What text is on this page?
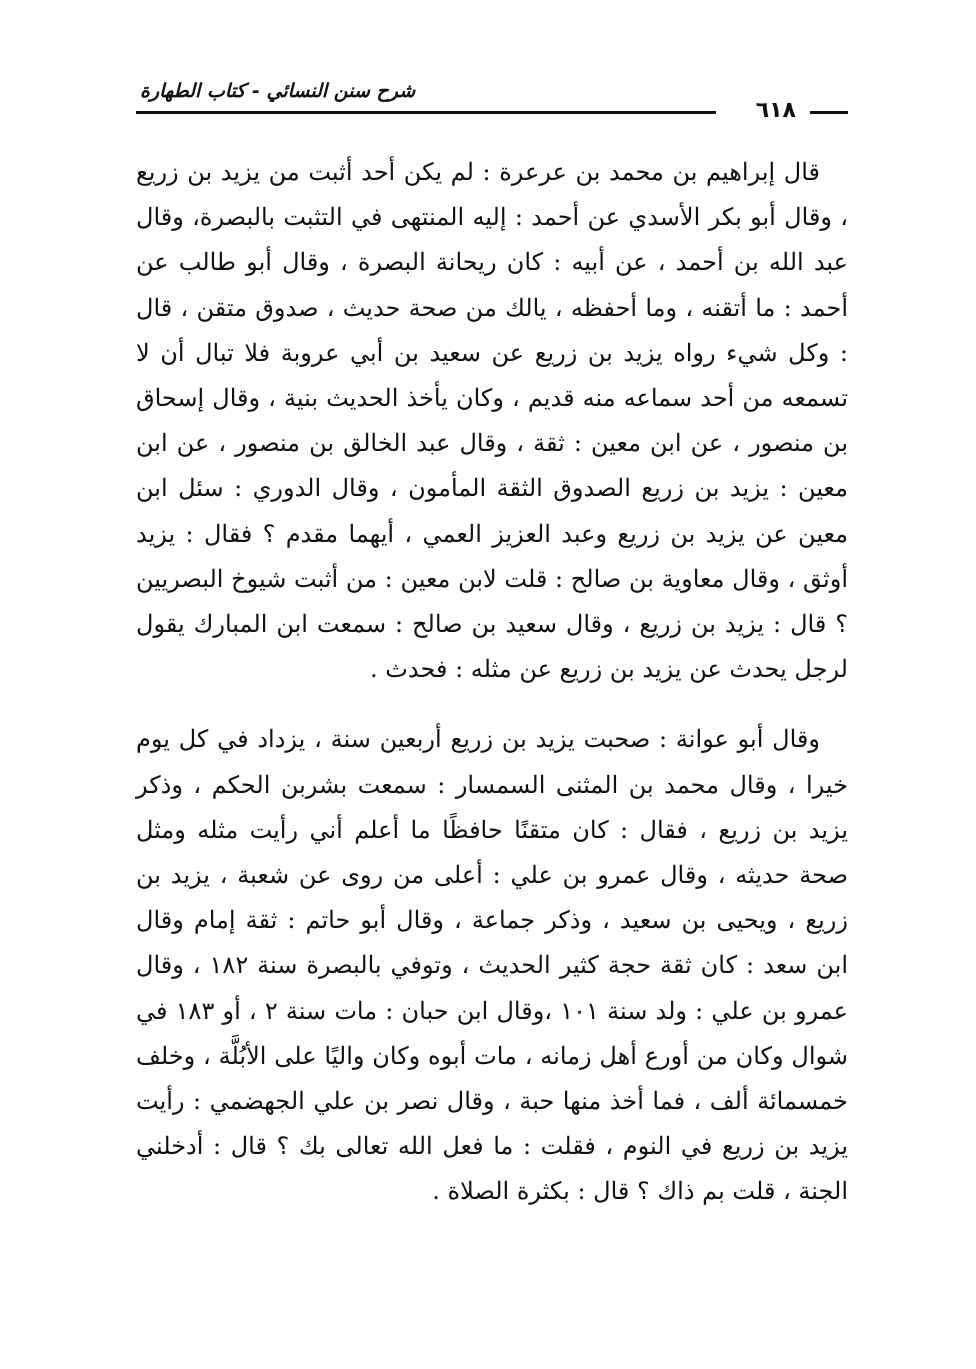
٦١٨
شرح سنن النسائي - كتاب الطهارة

قال إبراهيم بن محمد بن عرعرة : لم يكن أحد أثبت من يزيد بن زريع ، وقال أبو بكر الأسدي عن أحمد : إليه المنتهى في التثبت بالبصرة، وقال عبد الله بن أحمد ، عن أبيه : كان ريحانة البصرة ، وقال أبو طالب عن أحمد : ما أتقنه ، وما أحفظه ، يالك من صحة حديث ، صدوق متقن ، قال : وكل شيء رواه يزيد بن زريع عن سعيد بن أبي عروبة فلا تبال أن لا تسمعه من أحد سماعه منه قديم ، وكان يأخذ الحديث بنية ، وقال إسحاق بن منصور ، عن ابن معين : ثقة ، وقال عبد الخالق بن منصور ، عن ابن معين : يزيد بن زريع الصدوق الثقة المأمون ، وقال الدوري : سئل ابن معين عن يزيد بن زريع وعبد العزيز العمي ، أيهما مقدم ؟ فقال : يزيد أوثق ، وقال معاوية بن صالح : قلت لابن معين : من أثبت شيوخ البصريين ؟ قال : يزيد بن زريع ، وقال سعيد بن صالح : سمعت ابن المبارك يقول لرجل يحدث عن يزيد بن زريع عن مثله : فحدث .

وقال أبو عوانة : صحبت يزيد بن زريع أربعين سنة ، يزداد في كل يوم خيرا ، وقال محمد بن المثنى السمسار : سمعت بشربن الحكم ، وذكر يزيد بن زريع ، فقال : كان متقنًا حافظًا ما أعلم أني رأيت مثله ومثل صحة حديثه ، وقال عمرو بن علي : أعلى من روى عن شعبة ، يزيد بن زريع ، ويحيى بن سعيد ، وذكر جماعة ، وقال أبو حاتم : ثقة إمام وقال ابن سعد : كان ثقة حجة كثير الحديث ، وتوفي بالبصرة سنة ١٨٢ ، وقال عمرو بن علي : ولد سنة ١٠١ ،وقال ابن حبان : مات سنة ٢ ، أو ١٨٣ في شوال وكان من أورع أهل زمانه ، مات أبوه وكان واليًا على الأبُلَّة ، وخلف خمسمائة ألف ، فما أخذ منها حبة ، وقال نصر بن علي الجهضمي : رأيت يزيد بن زريع في النوم ، فقلت : ما فعل الله تعالى بك ؟ قال : أدخلني الجنة ، قلت بم ذاك ؟ قال : بكثرة الصلاة .
